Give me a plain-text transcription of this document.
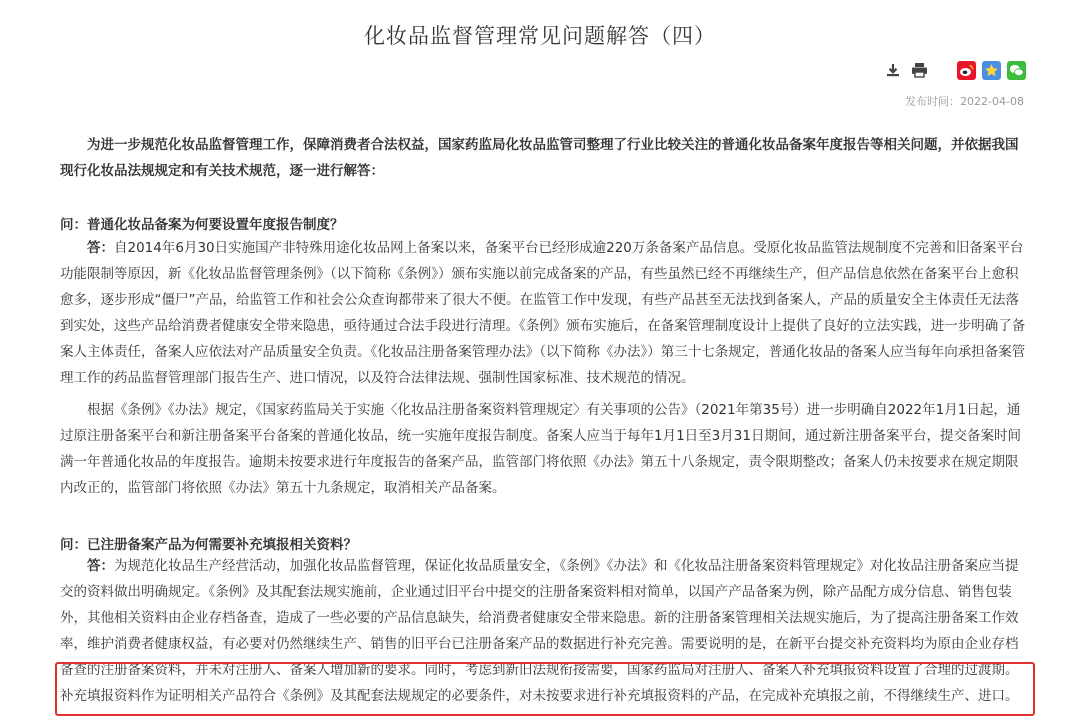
化妆品监督管理常见问题解答（四）
发布时间：2022-04-08

为进一步规范化妆品监督管理工作，保障消费者合法权益，国家药监局化妆品监管司整理了行业比较关注的普通化妆品备案年度报告等相关问题，并依据我国现行化妆品法规规定和有关技术规范，逐一进行解答：

问：普通化妆品备案为何要设置年度报告制度？

答：自2014年6月30日实施国产非特殊用途化妆品网上备案以来，备案平台已经形成逾220万条备案产品信息。受原化妆品监管法规制度不完善和旧备案平台功能限制等原因，新《化妆品监督管理条例》（以下简称《条例》）颁布实施以前完成备案的产品，有些虽然已经不再继续生产，但产品信息依然在备案平台上愈积愈多，逐步形成“僵尸”产品，给监管工作和社会公众查询都带来了很大不便。在监管工作中发现，有些产品甚至无法找到备案人，产品的质量安全主体责任无法落到实处，这些产品给消费者健康安全带来隐患，亟待通过合法手段进行清理。《条例》颁布实施后，在备案管理制度设计上提供了良好的立法实践，进一步明确了备案人主体责任，备案人应依法对产品质量安全负责。《化妆品注册备案管理办法》（以下简称《办法》）第三十七条规定，普通化妆品的备案人应当每年向承担备案管理工作的药品监督管理部门报告生产、进口情况，以及符合法律法规、强制性国家标准、技术规范的情况。

根据《条例》《办法》规定，《国家药监局关于实施〈化妆品注册备案资料管理规定〉有关事项的公告》（2021年第35号）进一步明确自2022年1月1日起，通过原注册备案平台和新注册备案平台备案的普通化妆品，统一实施年度报告制度。备案人应当于每年1月1日至3月31日期间，通过新注册备案平台，提交备案时间满一年普通化妆品的年度报告。逾期未按要求进行年度报告的备案产品，监管部门将依照《办法》第五十八条规定，责令限期整改；备案人仍未按要求在规定期限内改正的，监管部门将依照《办法》第五十九条规定，取消相关产品备案。

问：已注册备案产品为何需要补充填报相关资料？

答：为规范化妆品生产经营活动，加强化妆品监督管理，保证化妆品质量安全，《条例》《办法》和《化妆品注册备案资料管理规定》对化妆品注册备案应当提交的资料做出明确规定。《条例》及其配套法规实施前，企业通过旧平台中提交的注册备案资料相对简单，以国产产品备案为例，除产品配方成分信息、销售包装外，其他相关资料由企业存档备查，造成了一些必要的产品信息缺失，给消费者健康安全带来隐患。新的注册备案管理相关法规实施后，为了提高注册备案工作效率，维护消费者健康权益，有必要对仍然继续生产、销售的旧平台已注册备案产品的数据进行补充完善。需要说明的是，在新平台提交补充资料均为原由企业存档备查的注册备案资料，并未对注册人、备案人增加新的要求。同时，考虑到新旧法规衔接需要，国家药监局对注册人、备案人补充填报资料设置了合理的过渡期。补充填报资料作为证明相关产品符合《条例》及其配套法规规定的必要条件，对未按要求进行补充填报资料的产品，在完成补充填报之前，不得继续生产、进口。
